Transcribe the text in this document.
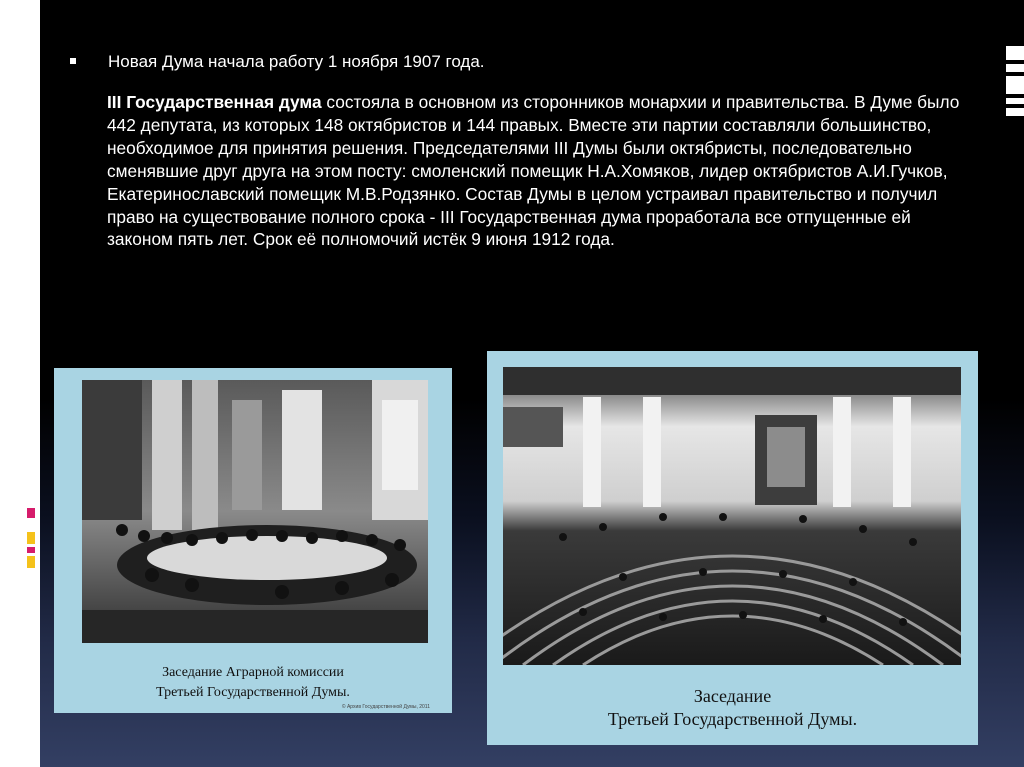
Новая Дума начала работу 1 ноября 1907 года.
III Государственная дума состояла в основном из сторонников монархии и правительства. В Думе было 442 депутата, из которых 148 октябристов и 144 правых. Вместе эти партии составляли большинство, необходимое для принятия решения. Председателями III Думы были октябристы, последовательно сменявшие друг друга на этом посту: смоленский помещик Н.А.Хомяков, лидер октябристов А.И.Гучков, Екатеринославский помещик М.В.Родзянко. Состав Думы в целом устраивал правительство и получил право на существование полного срока - III Государственная дума проработала все отпущенные ей законом пять лет. Срок её полномочий истёк 9 июня 1912 года.
Заседание Аграрной комиссии
Третьей Государственной Думы.
© Архив Государственной Думы, 2011
Заседание
Третьей Государственной Думы.
